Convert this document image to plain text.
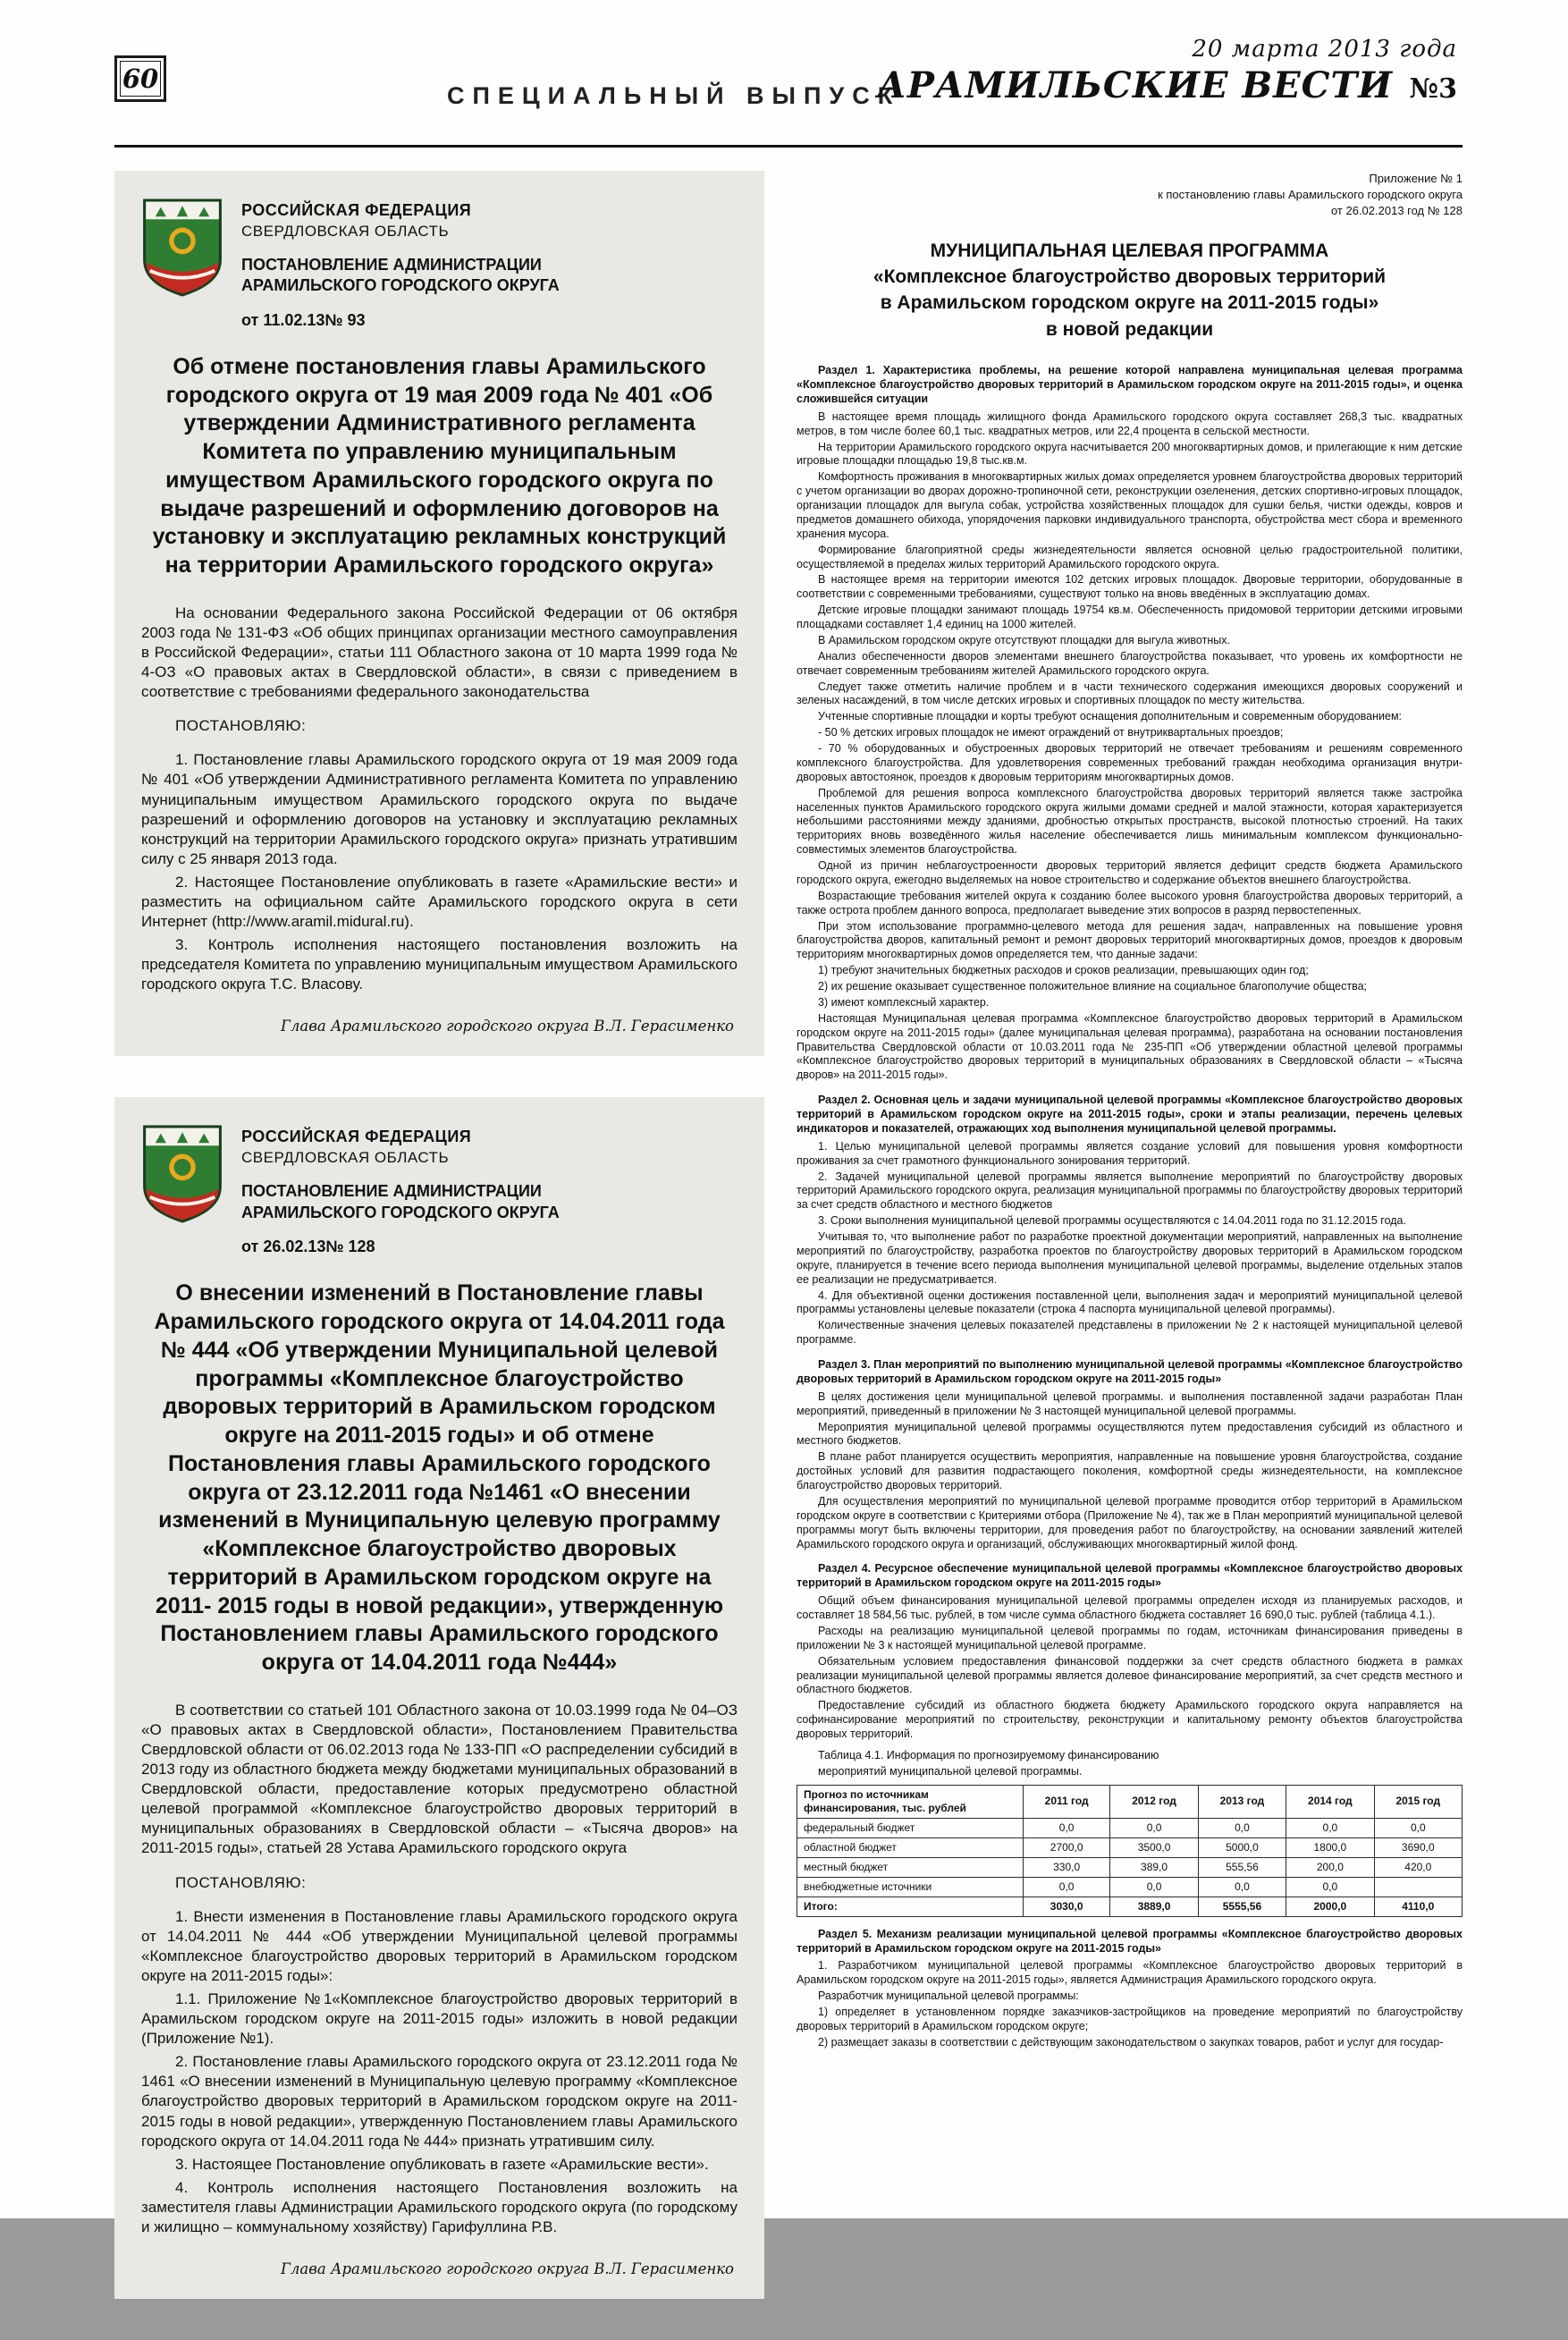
60
СПЕЦИАЛЬНЫЙ ВЫПУСК
20 марта 2013 года
АРАМИЛЬСКИЕ ВЕСТИ №3
РОССИЙСКАЯ ФЕДЕРАЦИЯ
СВЕРДЛОВСКАЯ ОБЛАСТЬ
ПОСТАНОВЛЕНИЕ АДМИНИСТРАЦИИ АРАМИЛЬСКОГО ГОРОДСКОГО ОКРУГА
от 11.02.13№ 93
Об отмене постановления главы Арамильского городского округа от 19 мая 2009 года № 401 «Об утверждении Административного регламента Комитета по управлению муниципальным имуществом Арамильского городского округа по выдаче разрешений и оформлению договоров на установку и эксплуатацию рекламных конструкций на территории Арамильского городского округа»

На основании Федерального закона Российской Федерации от 06 октября 2003 года № 131-ФЗ «Об общих принципах организации местного самоуправления в Российской Федерации», статьи 111 Областного закона от 10 марта 1999 года № 4-ОЗ «О правовых актах в Свердловской области», в связи с приведением в соответствие с требованиями федерального законодательства

ПОСТАНОВЛЯЮ:

1. Постановление главы Арамильского городского округа от 19 мая 2009 года № 401 «Об утверждении Административного регламента Комитета по управлению муниципальным имуществом Арамильского городского округа по выдаче разрешений и оформлению договоров на установку и эксплуатацию рекламных конструкций на территории Арамильского городского округа» признать утратившим силу с 25 января 2013 года.

2. Настоящее Постановление опубликовать в газете «Арамильские вести» и разместить на официальном сайте Арамильского городского округа в сети Интернет (http://www.aramil.midural.ru).

3. Контроль исполнения настоящего постановления возложить на председателя Комитета по управлению муниципальным имуществом Арамильского городского округа Т.С. Власову.

Глава Арамильского городского округа В.Л. Герасименко
РОССИЙСКАЯ ФЕДЕРАЦИЯ
СВЕРДЛОВСКАЯ ОБЛАСТЬ
ПОСТАНОВЛЕНИЕ АДМИНИСТРАЦИИ АРАМИЛЬСКОГО ГОРОДСКОГО ОКРУГА
от 26.02.13№ 128
О внесении изменений в Постановление главы Арамильского городского округа от 14.04.2011 года № 444 «Об утверждении Муниципальной целевой программы «Комплексное благоустройство дворовых территорий в Арамильском городском округе на 2011-2015 годы» и об отмене Постановления главы Арамильского городского округа от 23.12.2011 года №1461 «О внесении изменений в Муниципальную целевую программу «Комплексное благоустройство дворовых территорий в Арамильском городском округе на 2011- 2015 годы в новой редакции», утвержденную Постановлением главы Арамильского городского округа от 14.04.2011 года №444»

В соответствии со статьей 101 Областного закона от 10.03.1999 года № 04–ОЗ «О правовых актах в Свердловской области», Постановлением Правительства Свердловской области от 06.02.2013 года № 133-ПП «О распределении субсидий в 2013 году из областного бюджета между бюджетами муниципальных образований в Свердловской области, предоставление которых предусмотрено областной целевой программой «Комплексное благоустройство дворовых территорий в муниципальных образованиях в Свердловской области – «Тысяча дворов» на 2011-2015 годы», статьей 28 Устава Арамильского городского округа

ПОСТАНОВЛЯЮ:

1. Внести изменения в Постановление главы Арамильского городского округа от 14.04.2011 № 444 «Об утверждении Муниципальной целевой программы «Комплексное благоустройство дворовых территорий в Арамильском городском округе на 2011-2015 годы»:

1.1. Приложение №1«Комплексное благоустройство дворовых территорий в Арамильском городском округе на 2011-2015 годы» изложить в новой редакции (Приложение №1).

2. Постановление главы Арамильского городского округа от 23.12.2011 года № 1461 «О внесении изменений в Муниципальную целевую программу «Комплексное благоустройство дворовых территорий в Арамильском городском округе на 2011- 2015 годы в новой редакции», утвержденную Постановлением главы Арамильского городского округа от 14.04.2011 года № 444» признать утратившим силу.

3. Настоящее Постановление опубликовать в газете «Арамильские вести».

4. Контроль исполнения настоящего Постановления возложить на заместителя главы Администрации Арамильского городского округа (по городскому и жилищно – коммунальному хозяйству) Гарифуллина Р.В.

Глава Арамильского городского округа В.Л. Герасименко
Приложение № 1
к постановлению главы Арамильского городского округа
от 26.02.2013 год № 128
МУНИЦИПАЛЬНАЯ ЦЕЛЕВАЯ ПРОГРАММА
«Комплексное благоустройство дворовых территорий
в Арамильском городском округе на 2011-2015 годы»
в новой редакции

Раздел 1. Характеристика проблемы, на решение которой направлена муниципальная целевая программа «Комплексное благоустройство дворовых территорий в Арамильском городском округе на 2011-2015 годы», и оценка сложившейся ситуации

В настоящее время площадь жилищного фонда Арамильского городского округа составляет 268,3 тыс. квадратных метров, в том числе более 60,1 тыс. квадратных метров, или 22,4 процента в сельской местности.

На территории Арамильского городского округа насчитывается 200 многоквартирных домов, и прилегающие к ним детские игровые площадки площадью 19,8 тыс.кв.м.

Комфортность проживания в многоквартирных жилых домах определяется уровнем благоустройства дворовых территорий с учетом организации во дворах дорожно-тропиночной сети, реконструкции озеленения, детских спортивно-игровых площадок, организации площадок для выгула собак, устройства хозяйственных площадок для сушки белья, чистки одежды, ковров и предметов домашнего обихода, упорядочения парковки индивидуального транспорта, обустройства мест сбора и временного хранения мусора.

Формирование благоприятной среды жизнедеятельности является основной целью градостроительной политики, осуществляемой в пределах жилых территорий Арамильского городского округа.

В настоящее время на территории имеются 102 детских игровых площадок. Дворовые территории, оборудованные в соответствии с современными требованиями, существуют только на вновь введённых в эксплуатацию домах.

Детские игровые площадки занимают площадь 19754 кв.м. Обеспеченность придомовой территории детскими игровыми площадками составляет 1,4 единиц на 1000 жителей.

В Арамильском городском округе отсутствуют площадки для выгула животных.

Анализ обеспеченности дворов элементами внешнего благоустройства показывает, что уровень их комфортности не отвечает современным требованиям жителей Арамильского городского округа.

Следует также отметить наличие проблем и в части технического содержания имеющихся дворовых сооружений и зеленых насаждений, в том числе детских игровых и спортивных площадок по месту жительства.

Учтенные спортивные площадки и корты требуют оснащения дополнительным и современным оборудованием:

- 50 % детских игровых площадок не имеют ограждений от внутриквартальных проездов;

- 70 % оборудованных и обустроенных дворовых территорий не отвечает требованиям и решениям современного комплексного благоустройства. Для удовлетворения современных требований граждан необходима организация внутри-дворовых автостоянок, проездов к дворовым территориям многоквартирных домов.

Проблемой для решения вопроса комплексного благоустройства дворовых территорий является также застройка населенных пунктов Арамильского городского округа жилыми домами средней и малой этажности, которая характеризуется небольшими расстояниями между зданиями, дробностью открытых пространств, высокой плотностью строений. На таких территориях вновь возведённого жилья население обеспечивается лишь минимальным комплексом функционально-совместимых элементов благоустройства.

Одной из причин неблагоустроенности дворовых территорий является дефицит средств бюджета Арамильского городского округа, ежегодно выделяемых на новое строительство и содержание объектов внешнего благоустройства.

Возрастающие требования жителей округа к созданию более высокого уровня благоустройства дворовых территорий, а также острота проблем данного вопроса, предполагает выведение этих вопросов в разряд первостепенных.

При этом использование программно-целевого метода для решения задач, направленных на повышение уровня благоустройства дворов, капитальный ремонт и ремонт дворовых территорий многоквартирных домов, проездов к дворовым территориям многоквартирных домов определяется тем, что данные задачи:

1) требуют значительных бюджетных расходов и сроков реализации, превышающих один год;

2) их решение оказывает существенное положительное влияние на социальное благополучие общества;

3) имеют комплексный характер.

Настоящая Муниципальная целевая программа «Комплексное благоустройство дворовых территорий в Арамильском городском округе на 2011-2015 годы» (далее муниципальная целевая программа), разработана на основании постановления Правительства Свердловской области от 10.03.2011 года № 235-ПП «Об утверждении областной целевой программы «Комплексное благоустройство дворовых территорий в муниципальных образованиях в Свердловской области – «Тысяча дворов» на 2011-2015 годы».

Раздел 2. Основная цель и задачи муниципальной целевой программы «Комплексное благоустройство дворовых территорий в Арамильском городском округе на 2011-2015 годы», сроки и этапы реализации, перечень целевых индикаторов и показателей, отражающих ход выполнения муниципальной целевой программы.

1. Целью муниципальной целевой программы является создание условий для повышения уровня комфортности проживания за счет грамотного функционального зонирования территорий.

2. Задачей муниципальной целевой программы является выполнение мероприятий по благоустройству дворовых территорий Арамильского городского округа, реализация муниципальной программы по благоустройству дворовых территорий за счет средств областного и местного бюджетов

3. Сроки выполнения муниципальной целевой программы осуществляются с 14.04.2011 года по 31.12.2015 года.

Учитывая то, что выполнение работ по разработке проектной документации мероприятий, направленных на выполнение мероприятий по благоустройству, разработка проектов по благоустройству дворовых территорий в Арамильском городском округе, планируется в течение всего периода выполнения муниципальной целевой программы, выделение отдельных этапов ее реализации не предусматривается.

4. Для объективной оценки достижения поставленной цели, выполнения задач и мероприятий муниципальной целевой программы установлены целевые показатели (строка 4 паспорта муниципальной целевой программы).

Количественные значения целевых показателей представлены в приложении № 2 к настоящей муниципальной целевой программе.

Раздел 3. План мероприятий по выполнению муниципальной целевой программы «Комплексное благоустройство дворовых территорий в Арамильском городском округе на 2011-2015 годы»

В целях достижения цели муниципальной целевой программы. и выполнения поставленной задачи разработан План мероприятий, приведенный в приложении № 3 настоящей муниципальной целевой программы.

Мероприятия муниципальной целевой программы осуществляются путем предоставления субсидий из областного и местного бюджетов.

В плане работ планируется осуществить мероприятия, направленные на повышение уровня благоустройства, создание достойных условий для развития подрастающего поколения, комфортной среды жизнедеятельности, на комплексное благоустройство дворовых территорий.

Для осуществления мероприятий по муниципальной целевой программе проводится отбор территорий в Арамильском городском округе в соответствии с Критериями отбора (Приложение № 4), так же в План мероприятий муниципальной целевой программы могут быть включены территории, для проведения работ по благоустройству, на основании заявлений жителей Арамильского городского округа и организаций, обслуживающих многоквартирный жилой фонд.

Раздел 4. Ресурсное обеспечение муниципальной целевой программы «Комплексное благоустройство дворовых территорий в Арамильском городском округе на 2011-2015 годы»

Общий объем финансирования муниципальной целевой программы определен исходя из планируемых расходов, и составляет 18 584,56 тыс. рублей, в том числе сумма областного бюджета составляет 16 690,0 тыс. рублей (таблица 4.1.).

Расходы на реализацию муниципальной целевой программы по годам, источникам финансирования приведены в приложении № 3 к настоящей муниципальной целевой программе.

Обязательным условием предоставления финансовой поддержки за счет средств областного бюджета в рамках реализации муниципальной целевой программы является долевое финансирование мероприятий, за счет средств местного и областного бюджетов.

Предоставление субсидий из областного бюджета бюджету Арамильского городского округа направляется на софинансирование мероприятий по строительству, реконструкции и капитальному ремонту объектов благоустройства дворовых территорий.

Таблица 4.1. Информация по прогнозируемому финансированию
мероприятий муниципальной целевой программы.
Прогноз по источникам финансирования, тыс. рублей	2011 год	2012 год	2013 год	2014 год	2015 год
федеральный бюджет	0,0	0,0	0,0	0,0	0,0
областной бюджет	2700,0	3500,0	5000,0	1800,0	3690,0
местный бюджет	330,0	389,0	555,56	200,0	420,0
внебюджетные источники	0,0	0,0	0,0	0,0	
Итого:	3030,0	3889,0	5555,56	2000,0	4110,0

Раздел 5. Механизм реализации муниципальной целевой программы «Комплексное благоустройство дворовых территорий в Арамильском городском округе на 2011-2015 годы»

1. Разработчиком муниципальной целевой программы «Комплексное благоустройство дворовых территорий в Арамильском городском округе на 2011-2015 годы», является Администрация Арамильского городского округа.

Разработчик муниципальной целевой программы:

1) определяет в установленном порядке заказчиков-застройщиков на проведение мероприятий по благоустройству дворовых территорий в Арамильском городском округе;

2) размещает заказы в соответствии с действующим законодательством о закупках товаров, работ и услуг для государ-
